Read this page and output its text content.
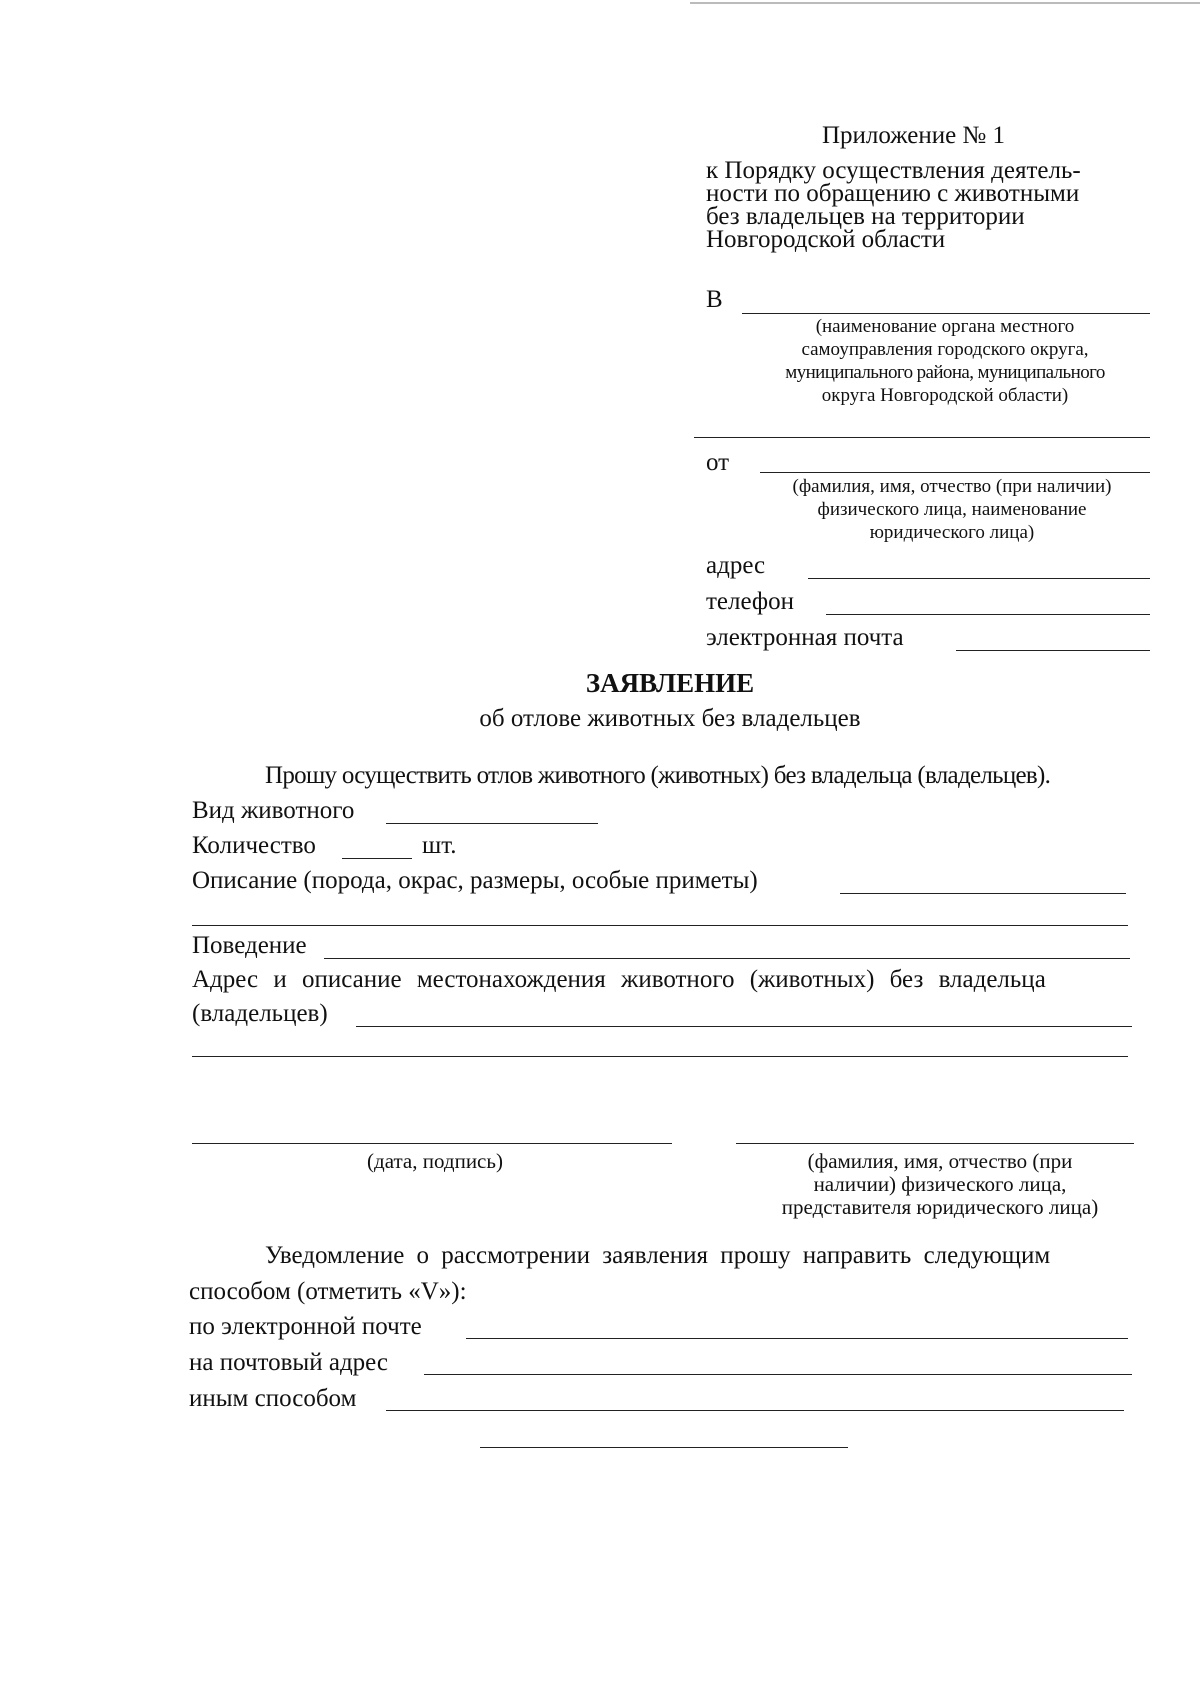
Приложение № 1
к Порядку осуществления деятель-
ности по обращению с животными
без владельцев на территории
Новгородской области
В
(наименование органа местного
самоуправления городского округа,
муниципального района, муниципального
округа Новгородской области)
от
(фамилия, имя, отчество (при наличии)
физического лица, наименование
юридического лица)
адрес
телефон
электронная почта
ЗАЯВЛЕНИЕ
об отлове животных без владельцев
Прошу осуществить отлов животного (животных) без владельца (владельцев).
Вид животного
Количество	шт.
Описание (порода, окрас, размеры, особые приметы)
Поведение
Адрес и описание местонахождения животного (животных) без владельца
(владельцев)
(дата, подпись)	(фамилия, имя, отчество (при
наличии) физического лица,
представителя юридического лица)
Уведомление о рассмотрении заявления прошу направить следующим
способом (отметить «V»):
по электронной почте
на почтовый адрес
иным способом
